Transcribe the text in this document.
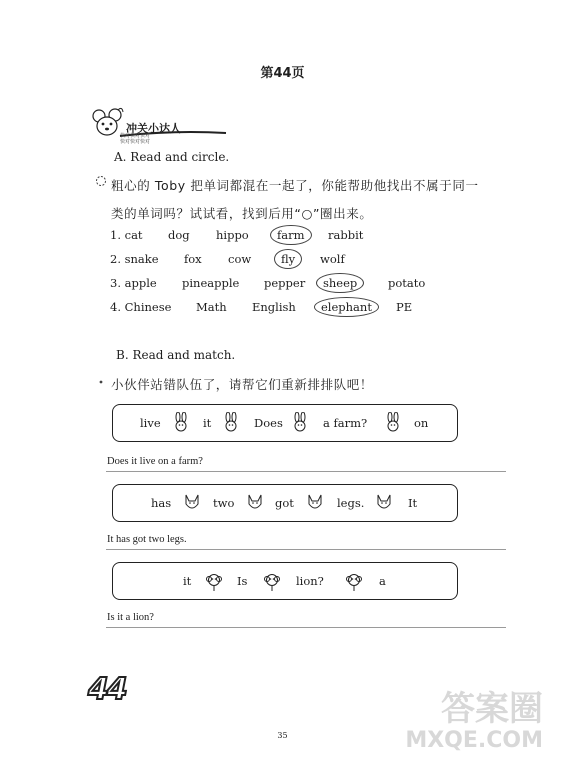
第44页
冲关小达人
快对快对快对
快对快对快对
A. Read and circle.
粗心的 Toby 把单词都混在一起了，你能帮助他找出不属于同一
类的单词吗？试试看，找到后用“○”圈出来。
1. cat dog hippo	farm	rabbit
2. snake fox cow	fly	wolf
3. apple pineapple pepper	sheep	potato
4. Chinese Math English	elephant	PE
B. Read and match.
小伙伴站错队伍了，请帮它们重新排排队吧！
live	it	Does	a farm?	on
Does it live on a farm?
has	two	got	legs.	It
It has got two legs.
it	Is	lion?	a
Is it a lion?
44
35
答案圈
MXQE.COM
